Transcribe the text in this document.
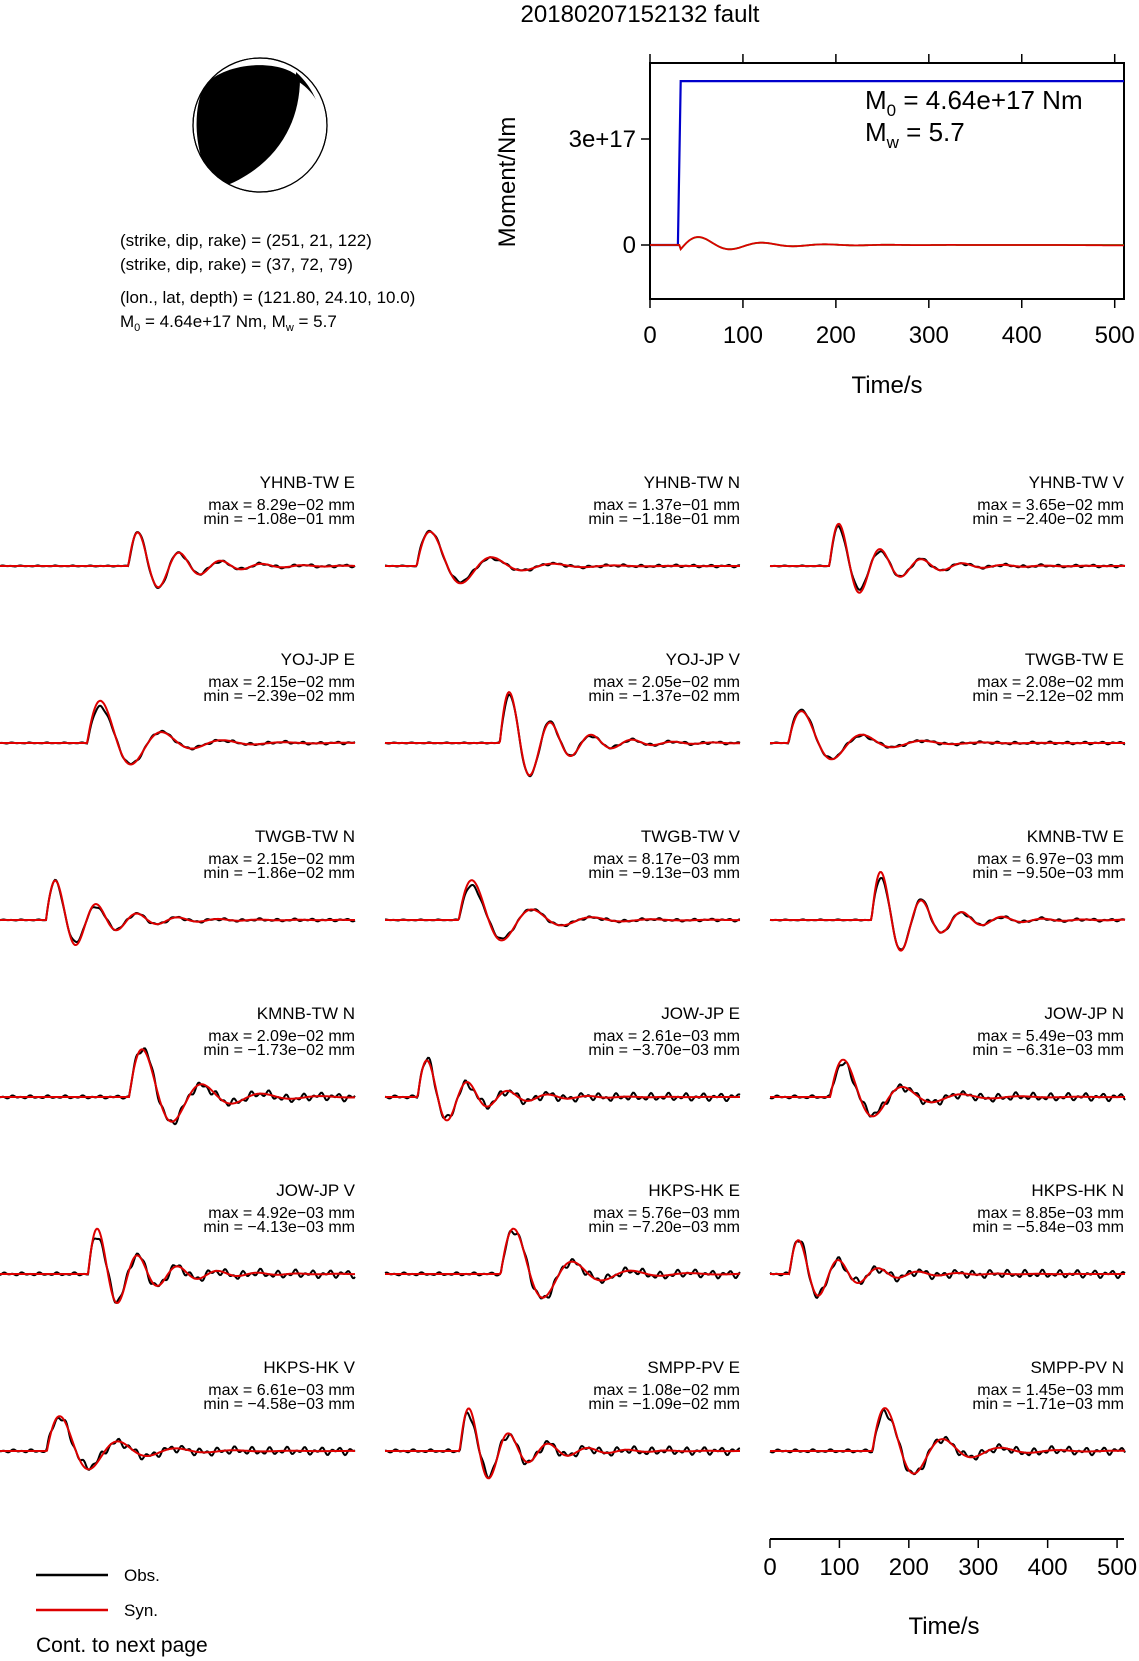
20180207152132 fault
(strike, dip, rake) = (251, 21, 122)
(strike, dip, rake) = (37, 72, 79)
(lon., lat, depth) = (121.80, 24.10, 10.0)
$M_0 = 4.64e+17$ Nm, $M_w = 5.7$
Moment/Nm
Time/s
$M_0 = 4.64e+17$ Nm
$M_w = 5.7$
0	100 200 300 400 500
0
3e+17
YHNB-TW E
max = 8.29e−02 mm
min = −1.08e−01 mm
YHNB-TW N
max = 1.37e−01 mm
min = −1.18e−01 mm
YHNB-TW V
max = 3.65e−02 mm
min = −2.40e−02 mm
YOJ-JP E
max = 2.15e−02 mm
min = −2.39e−02 mm
YOJ-JP V
max = 2.05e−02 mm
min = −1.37e−02 mm
TWGB-TW E
max = 2.08e−02 mm
min = −2.12e−02 mm
TWGB-TW N
max = 2.15e−02 mm
min = −1.86e−02 mm
TWGB-TW V
max = 8.17e−03 mm
min = −9.13e−03 mm
KMNB-TW E
max = 6.97e−03 mm
min = −9.50e−03 mm
KMNB-TW N
max = 2.09e−02 mm
min = −1.73e−02 mm
JOW-JP E
max = 2.61e−03 mm
min = −3.70e−03 mm
JOW-JP N
max = 5.49e−03 mm
min = −6.31e−03 mm
JOW-JP V
max = 4.92e−03 mm
min = −4.13e−03 mm
HKPS-HK E
max = 5.76e−03 mm
min = −7.20e−03 mm
HKPS-HK N
max = 8.85e−03 mm
min = −5.84e−03 mm
HKPS-HK V
max = 6.61e−03 mm
min = −4.58e−03 mm
SMPP-PV E
max = 1.08e−02 mm
min = −1.09e−02 mm
SMPP-PV N
max = 1.45e−03 mm
min = −1.71e−03 mm
Time/s
0 100 200 300 400 500
Obs.
Syn.
Cont. to next page
